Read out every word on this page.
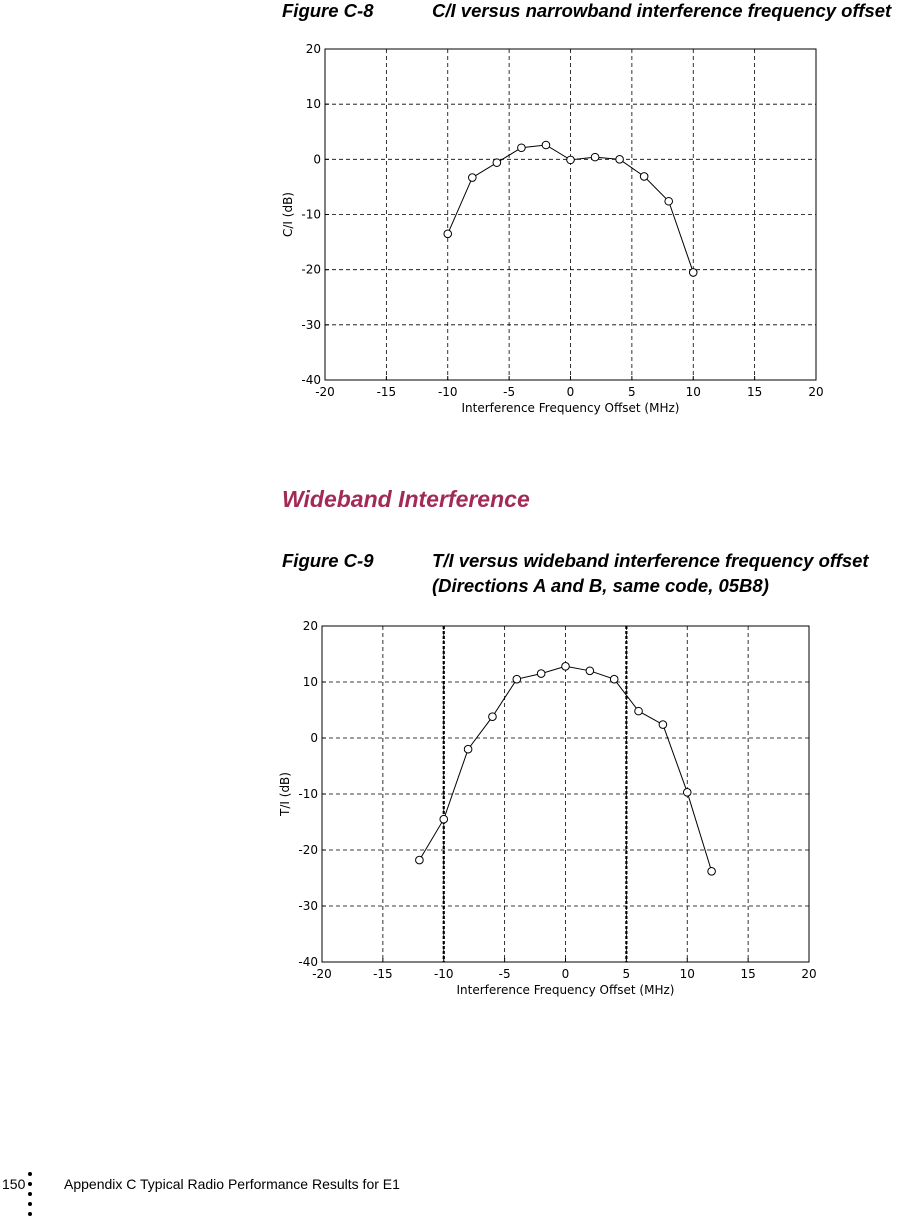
Figure C-8	C/I versus narrowband interference frequency offset
-20	-15	-10	-5	0	5	10	15	20
-40
-30
-20
-10
0
10
20
Interference Frequency Offset (MHz)
C/I (dB)
Wideband Interference
Figure C-9	T/I versus wideband interference frequency offset
(Directions A and B, same code, 05B8)
-20	-15	-10	-5	0	5	10	15	20
-40
-30
-20
-10
0
10
20
Interference Frequency Offset (MHz)
T/I (dB)
150	Appendix C Typical Radio Performance Results for E1
